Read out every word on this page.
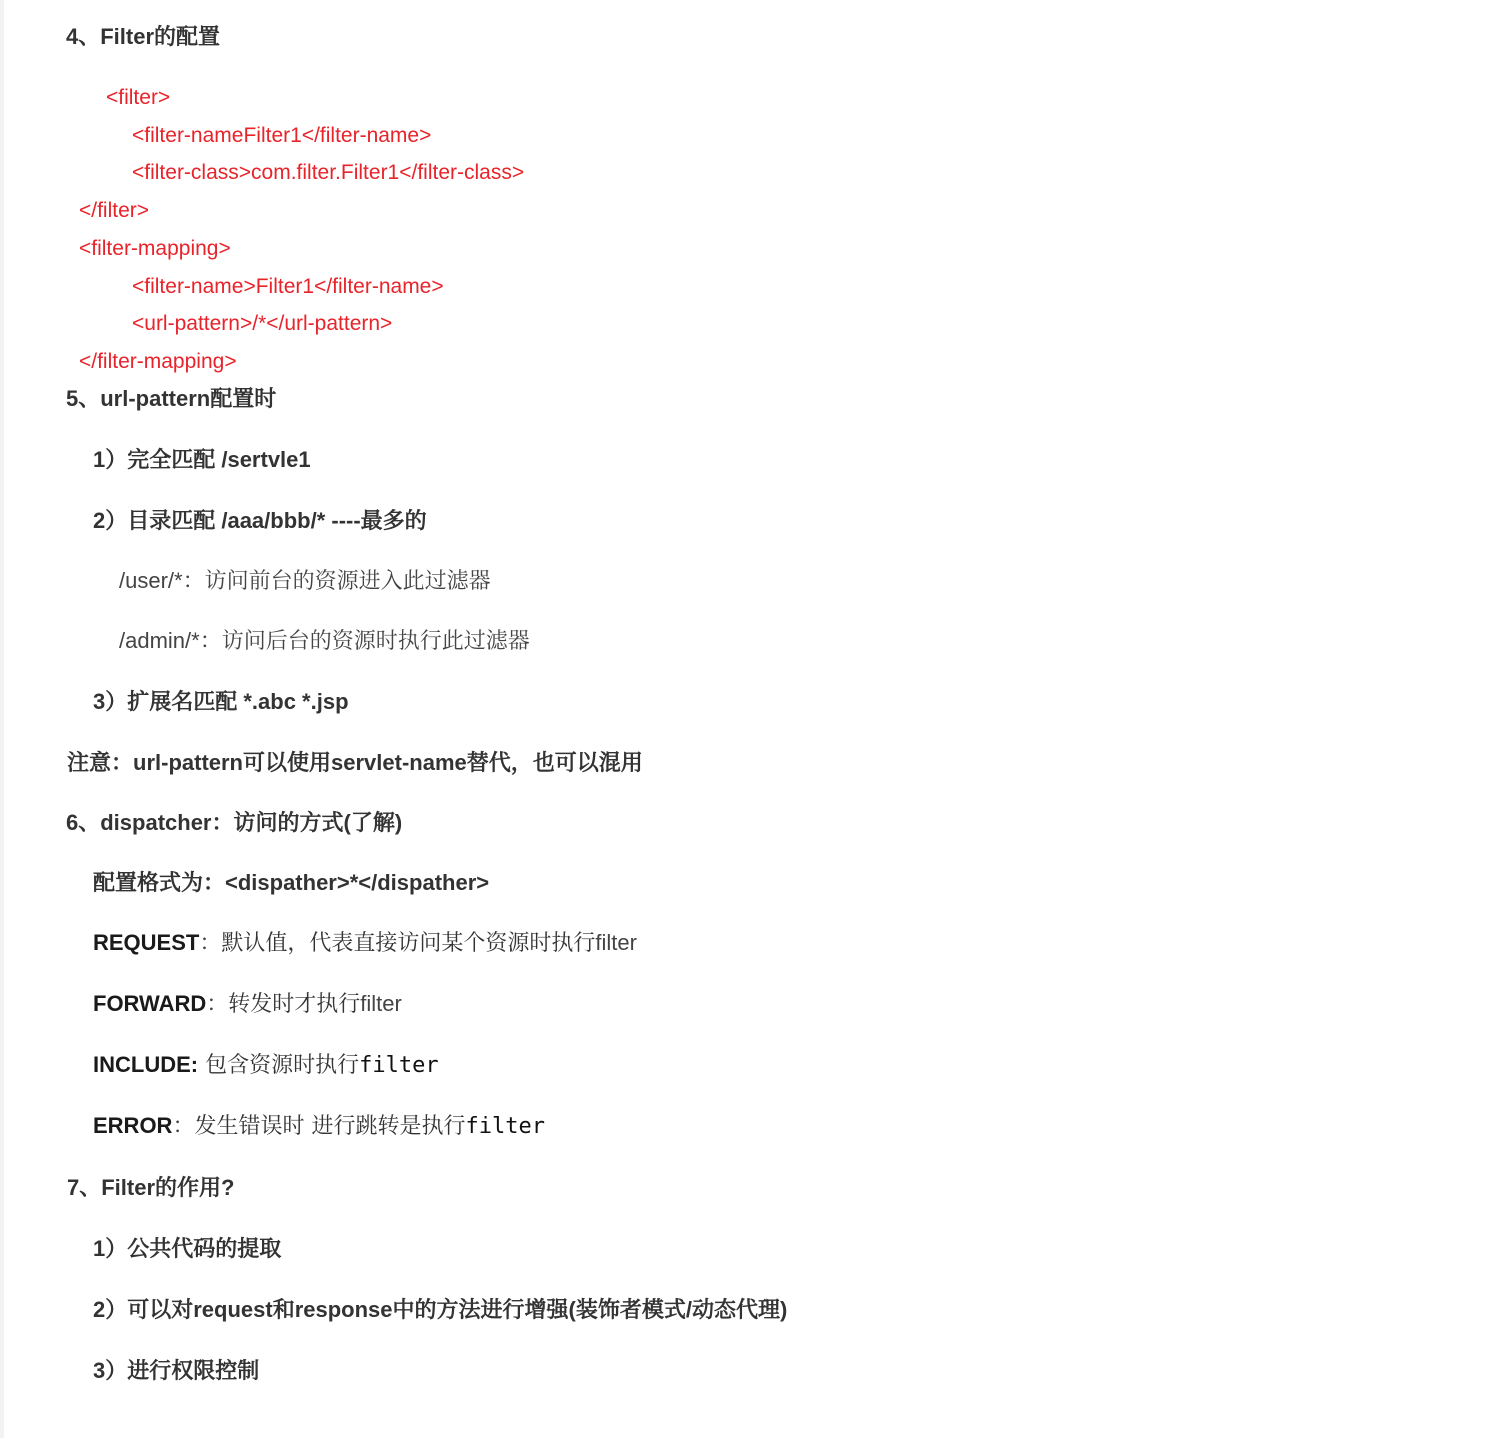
4、Filter的配置
<filter>
<filter-nameFilter1</filter-name>
<filter-class>com.filter.Filter1</filter-class>
</filter>
<filter-mapping>
<filter-name>Filter1</filter-name>
<url-pattern>/*</url-pattern>
</filter-mapping>
5、url-pattern配置时
1）完全匹配 /sertvle1
2）目录匹配 /aaa/bbb/* ----最多的
/user/*：访问前台的资源进入此过滤器
/admin/*：访问后台的资源时执行此过滤器
3）扩展名匹配 *.abc *.jsp
注意：url-pattern可以使用servlet-name替代，也可以混用
6、dispatcher：访问的方式(了解)
配置格式为：<dispather>*</dispather>
REQUEST：默认值，代表直接访问某个资源时执行filter
FORWARD：转发时才执行filter
INCLUDE: 包含资源时执行filter
ERROR：发生错误时 进行跳转是执行filter
7、Filter的作用?
1）公共代码的提取
2）可以对request和response中的方法进行增强(装饰者模式/动态代理)
3）进行权限控制
